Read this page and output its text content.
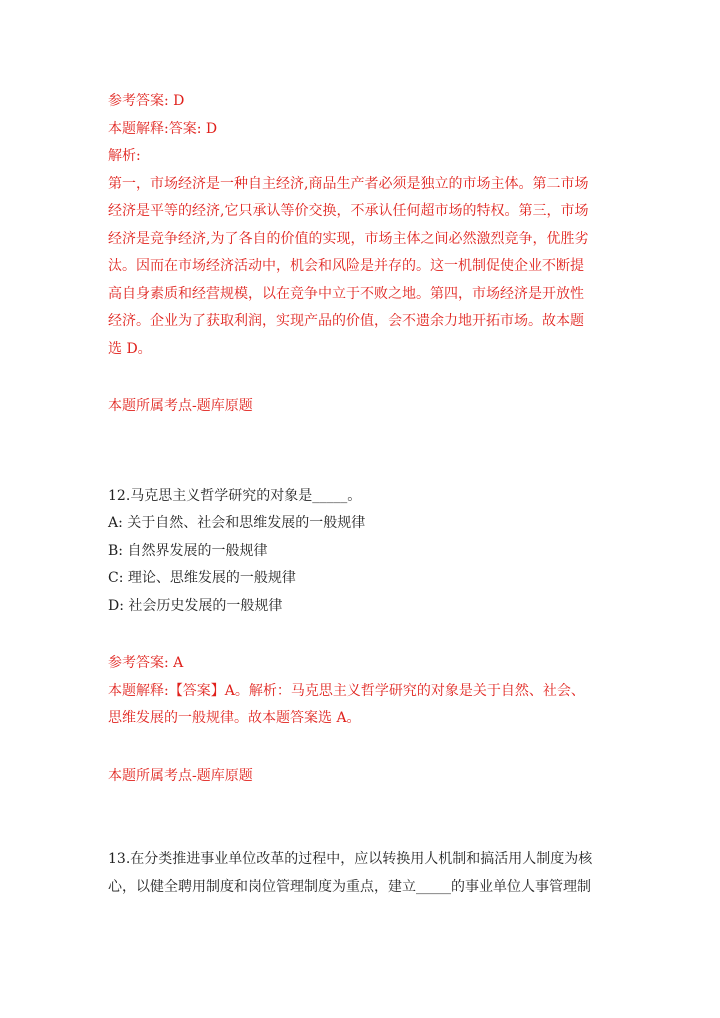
参考答案: D
本题解释:答案: D
解析:
第一，市场经济是一种自主经济,商品生产者必须是独立的市场主体。第二市场
经济是平等的经济,它只承认等价交换，不承认任何超市场的特权。第三，市场
经济是竞争经济,为了各自的价值的实现，市场主体之间必然激烈竞争，优胜劣
汰。因而在市场经济活动中，机会和风险是并存的。这一机制促使企业不断提
高自身素质和经营规模，以在竞争中立于不败之地。第四，市场经济是开放性
经济。企业为了获取利润，实现产品的价值，会不遗余力地开拓市场。故本题
选 D。
本题所属考点-题库原题
12.马克思主义哲学研究的对象是_____。
A: 关于自然、社会和思维发展的一般规律
B: 自然界发展的一般规律
C: 理论、思维发展的一般规律
D: 社会历史发展的一般规律
参考答案: A
本题解释:【答案】A。解析：马克思主义哲学研究的对象是关于自然、社会、
思维发展的一般规律。故本题答案选 A。
本题所属考点-题库原题
13.在分类推进事业单位改革的过程中，应以转换用人机制和搞活用人制度为核
心，以健全聘用制度和岗位管理制度为重点，建立_____的事业单位人事管理制
